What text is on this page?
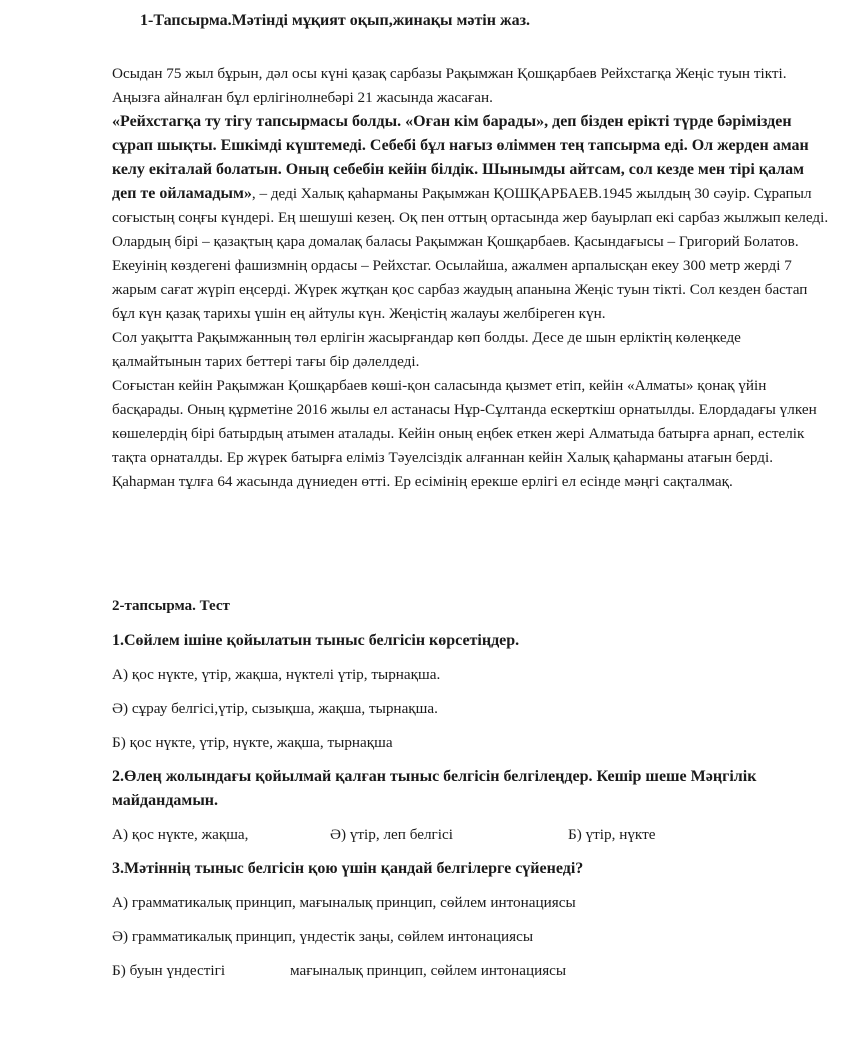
1-Тапсырма.Мәтінді мұқият оқып,жинақы мәтін жаз.

Осыдан 75 жыл бұрын, дәл осы күні қазақ сарбазы Рақымжан Қошқарбаев Рейхстагқа Жеңіс туын тікті. Аңызға айналған бұл ерлігінолнебәрі 21 жасында жасаған.
«Рейхстагқа ту тігу тапсырмасы болды. «Оған кім барады», деп бізден ерікті түрде бәрімізден сұрап шықты. Ешкімді күштемеді. Себебі бұл нағыз өліммен тең тапсырма еді. Ол жерден аман келу екіталай болатын. Оның себебін кейін білдік. Шынымды айтсам, сол кезде мен тірі қалам деп те ойламадым», – деді Халық қаһарманы Рақымжан ҚОШҚАРБАЕВ.1945 жылдың 30 сәуір. Сұрапыл соғыстың соңғы күндері. Ең шешуші кезең. Оқ пен оттың ортасында жер бауырлап екі сарбаз жылжып келеді. Олардың бірі – қазақтың қара домалақ баласы Рақымжан Қошқарбаев. Қасындағысы – Григорий Болатов. Екеуінің көздегені фашизмнің ордасы – Рейхстаг. Осылайша, ажалмен арпалысқан екеу 300 метр жерді 7 жарым сағат жүріп еңсерді. Жүрек жұтқан қос сарбаз жаудың апанына Жеңіс туын тікті. Сол кезден бастап бұл күн қазақ тарихы үшін ең айтулы күн. Жеңістің жалауы желбіреген күн.

Сол уақытта Рақымжанның төл ерлігін жасырғандар көп болды. Десе де шын ерліктің көлеңкеде қалмайтынын тарих беттері тағы бір дәлелдеді.

Соғыстан кейін Рақымжан Қошқарбаев көші-қон саласында қызмет етіп, кейін «Алматы» қонақ үйін басқарады. Оның құрметіне 2016 жылы ел астанасы Нұр-Сұлтанда ескерткіш орнатылды. Елордадағы үлкен көшелердің бірі батырдың атымен аталады. Кейін оның еңбек еткен жері Алматыда батырға арнап, естелік тақта орнаталды. Ер жүрек батырға еліміз Тәуелсіздік алғаннан кейін Халық қаһарманы атағын берді. Қаһарман тұлға 64 жасында дүниеден өтті. Ер есімінің ерекше ерлігі ел есінде мәңгі сақталмақ.

2-тапсырма. Тест

1.Сөйлем ішіне қойылатын тыныс белгісін көрсетіңдер.

А) қос нүкте, үтір, жақша, нүктелі үтір, тырнақша.

Ә) сұрау белгісі,үтір, сызықша, жақша, тырнақша.

Б) қос нүкте, үтір, нүкте, жақша, тырнақша

2.Өлең жолындағы қойылмай қалған тыныс белгісін белгілеңдер. Кешір шеше Мәңгілік майдандамын.

А) қос нүкте, жақша,	Ә) үтір, леп белгісі	Б) үтір, нүкте

3.Мәтіннің тыныс белгісін қою үшін қандай белгілерге сүйенеді?

А) грамматикалық принцип, мағыналық принцип, сөйлем интонациясы

Ә) грамматикалық принцип, үндестік заңы, сөйлем интонациясы

Б) буын үндестігі	мағыналық принцип, сөйлем интонациясы
